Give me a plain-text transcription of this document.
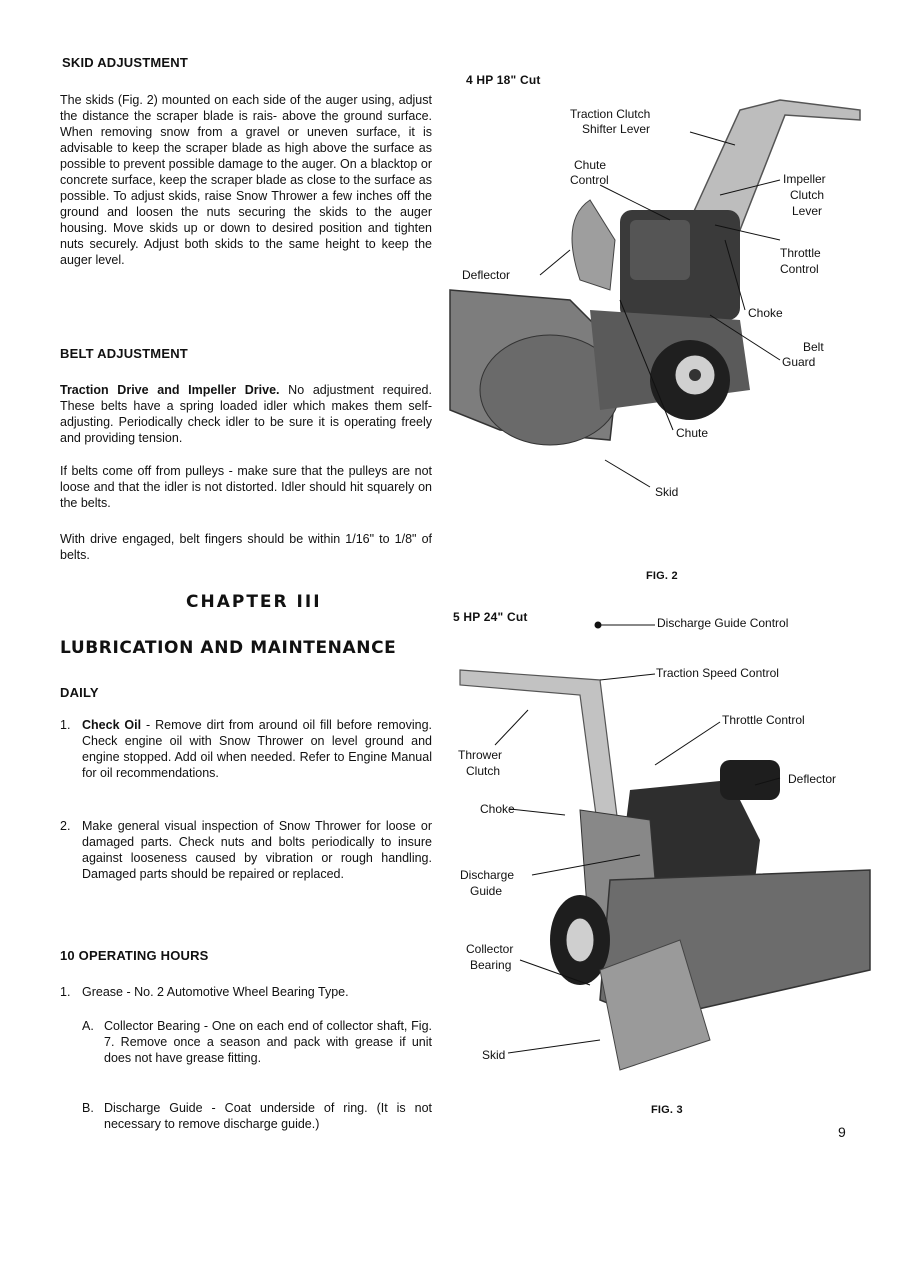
SKID ADJUSTMENT
The skids (Fig. 2) mounted on each side of the auger using, adjust the distance the scraper blade is rais- above the ground surface. When removing snow from a gravel or uneven surface, it is advisable to keep the scraper blade as high above the surface as possible to prevent possible damage to the auger. On a blacktop or concrete surface, keep the scraper blade as close to the surface as possible. To adjust skids, raise Snow Thrower a few inches off the ground and loosen the nuts securing the skids to the auger housing. Move skids up or down to desired position and tighten nuts securely. Adjust both skids to the same height to keep the auger level.
BELT ADJUSTMENT
Traction Drive and Impeller Drive. No adjustment required. These belts have a spring loaded idler which makes them self-adjusting. Periodically check idler to be sure it is operating freely and providing tension.
If belts come off from pulleys - make sure that the pulleys are not loose and that the idler is not distorted. Idler should hit squarely on the belts.
With drive engaged, belt fingers should be within 1/16" to 1/8" of belts.
CHAPTER III
LUBRICATION AND MAINTENANCE
DAILY
1. Check Oil - Remove dirt from around oil fill before removing. Check engine oil with Snow Thrower on level ground and engine stopped. Add oil when needed. Refer to Engine Manual for oil recommendations.
2. Make general visual inspection of Snow Thrower for loose or damaged parts. Check nuts and bolts periodically to insure against looseness caused by vibration or rough handling. Damaged parts should be repaired or replaced.
10 OPERATING HOURS
1. Grease - No. 2 Automotive Wheel Bearing Type.
A. Collector Bearing - One on each end of collector shaft, Fig. 7. Remove once a season and pack with grease if unit does not have grease fitting.
B. Discharge Guide - Coat underside of ring. (It is not necessary to remove discharge guide.)
4 HP 18" Cut
Traction Clutch
Shifter Lever
Chute
Control	Impeller
Clutch
Lever
Throttle
Control
Deflector
Choke
Belt
Guard
Chute
Skid
FIG. 2
5 HP 24" Cut	Discharge Guide Control
Traction Speed Control
Throttle Control
Thrower
Clutch
Deflector
Choke
Discharge
Guide
Collector
Bearing
Skid
FIG. 3
9
